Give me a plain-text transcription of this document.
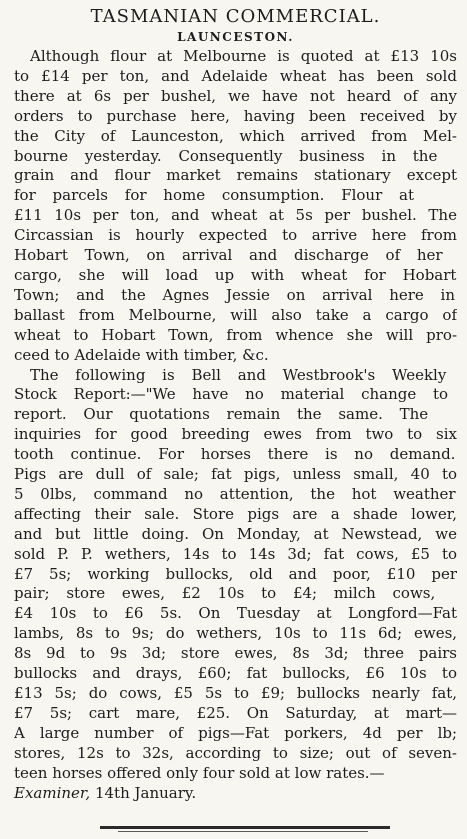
TASMANIAN COMMERCIAL.
LAUNCESTON.

Although flour at Melbourne is quoted at £13 10s
to £14 per ton, and Adelaide wheat has been sold
there at 6s per bushel, we have not heard of any
orders to purchase here, having been received by
the City of Launceston, which arrived from Mel-
bourne yesterday. Consequently business in the
grain and flour market remains stationary except
for parcels for home consumption. Flour at
£11 10s per ton, and wheat at 5s per bushel. The
Circassian is hourly expected to arrive here from
Hobart Town, on arrival and discharge of her
cargo, she will load up with wheat for Hobart
Town; and the Agnes Jessie on arrival here in
ballast from Melbourne, will also take a cargo of
wheat to Hobart Town, from whence she will pro-
ceed to Adelaide with timber, &c.

The following is Bell and Westbrook's Weekly
Stock Report:—"We have no material change to
report. Our quotations remain the same. The
inquiries for good breeding ewes from two to six
tooth continue. For horses there is no demand.
Pigs are dull of sale; fat pigs, unless small, 40 to
5 0lbs, command no attention, the hot weather
affecting their sale. Store pigs are a shade lower,
and but little doing. On Monday, at Newstead, we
sold P. P. wethers, 14s to 14s 3d; fat cows, £5 to
£7 5s; working bullocks, old and poor, £10 per
pair; store ewes, £2 10s to £4; milch cows,
£4 10s to £6 5s. On Tuesday at Longford—Fat
lambs, 8s to 9s; do wethers, 10s to 11s 6d; ewes,
8s 9d to 9s 3d; store ewes, 8s 3d; three pairs
bullocks and drays, £60; fat bullocks, £6 10s to
£13 5s; do cows, £5 5s to £9; bullocks nearly fat,
£7 5s; cart mare, £25. On Saturday, at mart—
A large number of pigs—Fat porkers, 4d per lb;
stores, 12s to 32s, according to size; out of seven-
teen horses offered only four sold at low rates.—

Examiner, 14th January.
